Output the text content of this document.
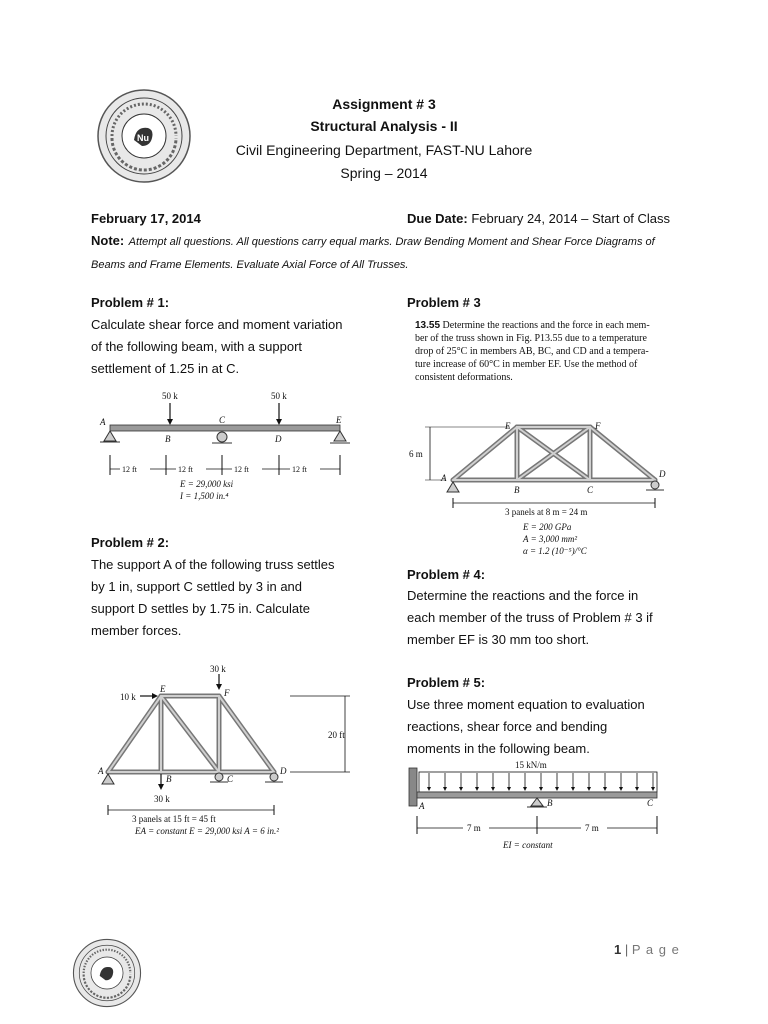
Nu
Assignment # 3
Structural Analysis - II
Civil Engineering Department, FAST-NU Lahore
Spring – 2014
February 17, 2014	Due Date: February 24, 2014 – Start of Class
Note: Attempt all questions. All questions carry equal marks. Draw Bending Moment and Shear Force Diagrams of
Beams and Frame Elements. Evaluate Axial Force of All Trusses.
Problem # 1:
Calculate shear force and moment variation
of the following beam, with a support
settlement of 1.25 in at C.
50 k	50 k
A
B
C
D
E
12 ft	12 ft	12 ft	12 ft
E = 29,000 ksi
I = 1,500 in.⁴
Problem # 2:
The support A of the following truss settles
by 1 in, support C settled by 3 in and
support D settles by 1.75 in. Calculate
member forces.
30 k
10 k
30 k
A
B	C
D
E	F
20 ft
3 panels at 15 ft = 45 ft
EA = constant E = 29,000 ksi A = 6 in.²
Problem # 3
13.55 Determine the reactions and the force in each mem-
ber of the truss shown in Fig. P13.55 due to a temperature
drop of 25°C in members AB, BC, and CD and a tempera-
ture increase of 60°C in member EF. Use the method of
consistent deformations.
A
B	C
D
E	F
6 m
3 panels at 8 m = 24 m
E = 200 GPa
A = 3,000 mm²
α = 1.2 (10⁻⁵)/°C
Problem # 4:
Determine the reactions and the force in
each member of the truss of Problem # 3 if
member EF is 30 mm too short.
Problem # 5:
Use three moment equation to evaluation
reactions, shear force and bending
moments in the following beam.
15 kN/m
A	B	C
7 m	7 m
EI = constant
1 | P a g e
